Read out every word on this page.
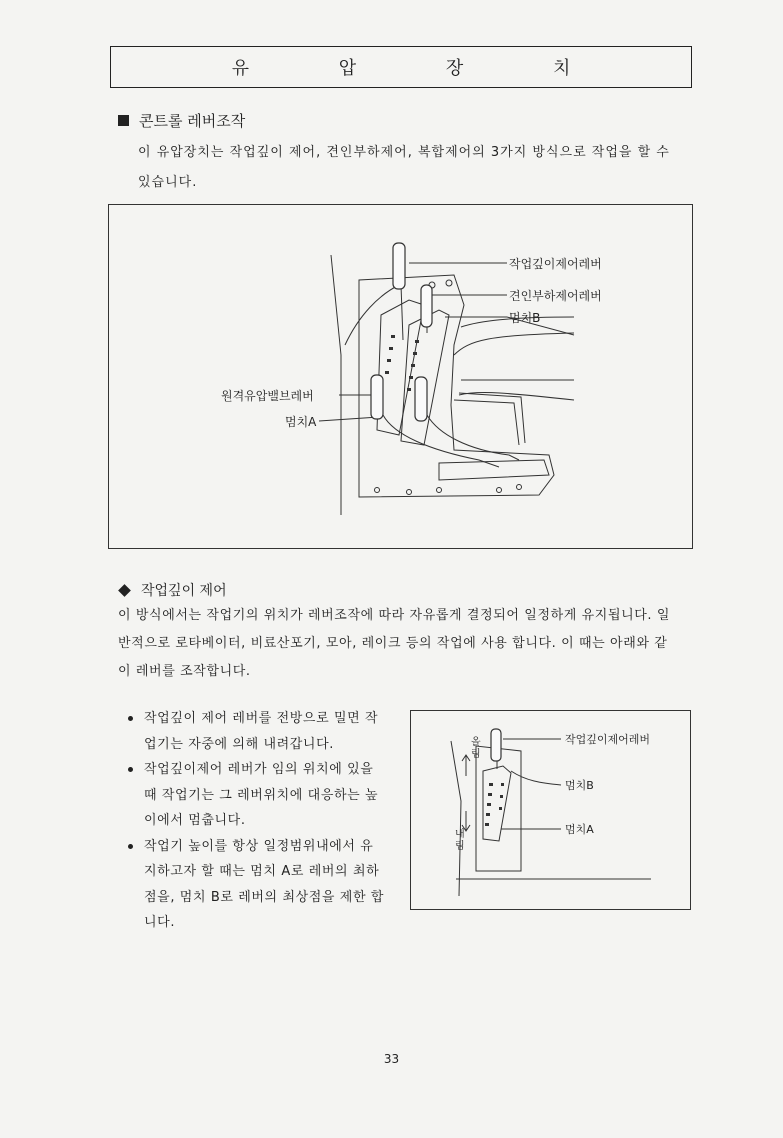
유 압 장 치
콘트롤 레버조작
이 유압장치는 작업깊이 제어, 견인부하제어, 복합제어의 3가지 방식으로 작업을 할 수 있습니다.
작업깊이제어레버
견인부하제어레버
멈치B
원격유압밸브레버
멈치A
작업깊이 제어
이 방식에서는 작업기의 위치가 레버조작에 따라 자유롭게 결정되어 일정하게 유지됩니다. 일반적으로 로타베이터, 비료산포기, 모아, 레이크 등의 작업에 사용 합니다. 이 때는 아래와 같이 레버를 조작합니다.
작업깊이 제어 레버를 전방으로 밀면 작업기는 자중에 의해 내려갑니다.
작업깊이제어 레버가 임의 위치에 있을때 작업기는 그 레버위치에 대응하는 높이에서 멈춥니다.
작업기 높이를 항상 일정범위내에서 유지하고자 할 때는 멈치 A로 레버의 최하점을, 멈치 B로 레버의 최상점을 제한 합니다.
작업깊이제어레버
멈치B
멈치A
올림
내림
33
